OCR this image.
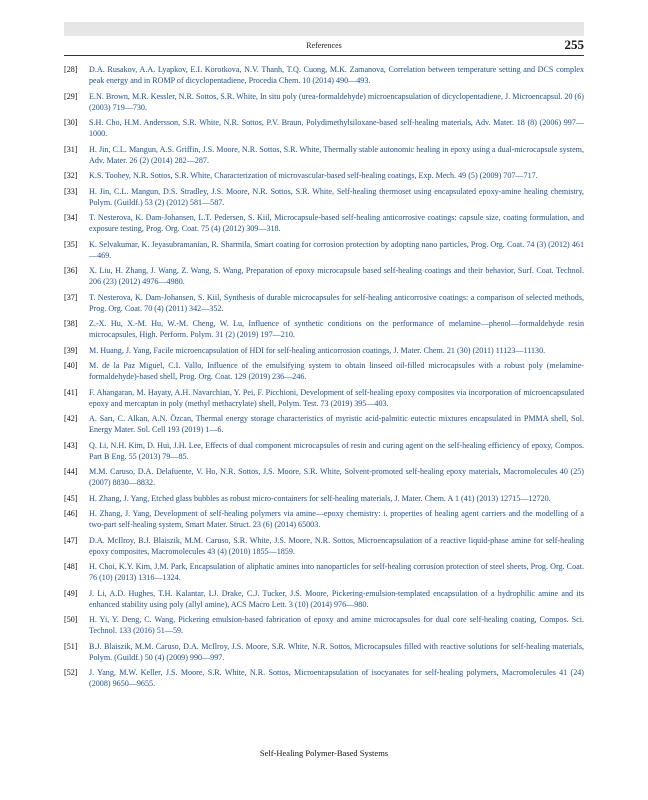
References	255
[28] D.A. Rusakov, A.A. Lyapkov, E.I. Korotkova, N.V. Thanh, T.Q. Cuong, M.K. Zamanova, Correlation between temperature setting and DCS complex peak energy and in ROMP of dicyclopentadiene, Procedia Chem. 10 (2014) 490—493.
[29] E.N. Brown, M.R. Kessler, N.R. Sottos, S.R. White, In situ poly (urea-formaldehyde) microencapsulation of dicyclopentadiene, J. Microencapsul. 20 (6) (2003) 719—730.
[30] S.H. Cho, H.M. Andersson, S.R. White, N.R. Sottos, P.V. Braun, Polydimethylsiloxane-based self-healing materials, Adv. Mater. 18 (8) (2006) 997—1000.
[31] H. Jin, C.L. Mangun, A.S. Griffin, J.S. Moore, N.R. Sottos, S.R. White, Thermally stable autonomic healing in epoxy using a dual-microcapsule system, Adv. Mater. 26 (2) (2014) 282—287.
[32] K.S. Toohey, N.R. Sottos, S.R. White, Characterization of microvascular-based self-healing coatings, Exp. Mech. 49 (5) (2009) 707—717.
[33] H. Jin, C.L. Mangun, D.S. Stradley, J.S. Moore, N.R. Sottos, S.R. White, Self-healing thermoset using encapsulated epoxy-amine healing chemistry, Polym. (Guildf.) 53 (2) (2012) 581—587.
[34] T. Nesterova, K. Dam-Johansen, L.T. Pedersen, S. Kiil, Microcapsule-based self-healing anticorrosive coatings: capsule size, coating formulation, and exposure testing, Prog. Org. Coat. 75 (4) (2012) 309—318.
[35] K. Selvakumar, K. Jeyasubramanian, R. Sharmila, Smart coating for corrosion protection by adopting nano particles, Prog. Org. Coat. 74 (3) (2012) 461—469.
[36] X. Liu, H. Zhang, J. Wang, Z. Wang, S. Wang, Preparation of epoxy microcapsule based self-healing coatings and their behavior, Surf. Coat. Technol. 206 (23) (2012) 4976—4980.
[37] T. Nesterova, K. Dam-Johansen, S. Kiil, Synthesis of durable microcapsules for self-healing anticorrosive coatings: a comparison of selected methods, Prog. Org. Coat. 70 (4) (2011) 342—352.
[38] Z.-X. Hu, X.-M. Hu, W.-M. Cheng, W. Lu, Influence of synthetic conditions on the performance of melamine—phenol—formaldehyde resin microcapsules, High. Perform. Polym. 31 (2) (2019) 197—210.
[39] M. Huang, J. Yang, Facile microencapsulation of HDI for self-healing anticorrosion coatings, J. Mater. Chem. 21 (30) (2011) 11123—11130.
[40] M. de la Paz Miguel, C.I. Vallo, Influence of the emulsifying system to obtain linseed oil-filled microcapsules with a robust poly (melamine-formaldehyde)-based shell, Prog. Org. Coat. 129 (2019) 236—246.
[41] F. Ahangaran, M. Hayaty, A.H. Navarchian, Y. Pei, F. Picchioni, Development of self-healing epoxy composites via incorporation of microencapsulated epoxy and mercaptan in poly (methyl methacrylate) shell, Polym. Test. 73 (2019) 395—403.
[42] A. Sarı, C. Alkan, A.N. Özcan, Thermal energy storage characteristics of myristic acid-palmitic eutectic mixtures encapsulated in PMMA shell, Sol. Energy Mater. Sol. Cell 193 (2019) 1—6.
[43] Q. Li, N.H. Kim, D. Hui, J.H. Lee, Effects of dual component microcapsules of resin and curing agent on the self-healing efficiency of epoxy, Compos. Part B Eng. 55 (2013) 79—85.
[44] M.M. Caruso, D.A. Delafuente, V. Ho, N.R. Sottos, J.S. Moore, S.R. White, Solvent-promoted self-healing epoxy materials, Macromolecules 40 (25) (2007) 8830—8832.
[45] H. Zhang, J. Yang, Etched glass bubbles as robust micro-containers for self-healing materials, J. Mater. Chem. A 1 (41) (2013) 12715—12720.
[46] H. Zhang, J. Yang, Development of self-healing polymers via amine—epoxy chemistry: i. properties of healing agent carriers and the modelling of a two-part self-healing system, Smart Mater. Struct. 23 (6) (2014) 65003.
[47] D.A. McIlroy, B.J. Blaiszik, M.M. Caruso, S.R. White, J.S. Moore, N.R. Sottos, Microencapsulation of a reactive liquid-phase amine for self-healing epoxy composites, Macromolecules 43 (4) (2010) 1855—1859.
[48] H. Choi, K.Y. Kim, J.M. Park, Encapsulation of aliphatic amines into nanoparticles for self-healing corrosion protection of steel sheets, Prog. Org. Coat. 76 (10) (2013) 1316—1324.
[49] J. Li, A.D. Hughes, T.H. Kalantar, I.J. Drake, C.J. Tucker, J.S. Moore, Pickering-emulsion-templated encapsulation of a hydrophilic amine and its enhanced stability using poly (allyl amine), ACS Macro Lett. 3 (10) (2014) 976—980.
[50] H. Yi, Y. Deng, C. Wang, Pickering emulsion-based fabrication of epoxy and amine microcapsules for dual core self-healing coating, Compos. Sci. Technol. 133 (2016) 51—59.
[51] B.J. Blaiszik, M.M. Caruso, D.A. McIlroy, J.S. Moore, S.R. White, N.R. Sottos, Microcapsules filled with reactive solutions for self-healing materials, Polym. (Guildf.) 50 (4) (2009) 990—997.
[52] J. Yang, M.W. Keller, J.S. Moore, S.R. White, N.R. Sottos, Microencapsulation of isocyanates for self-healing polymers, Macromolecules 41 (24) (2008) 9650—9655.
Self-Healing Polymer-Based Systems
